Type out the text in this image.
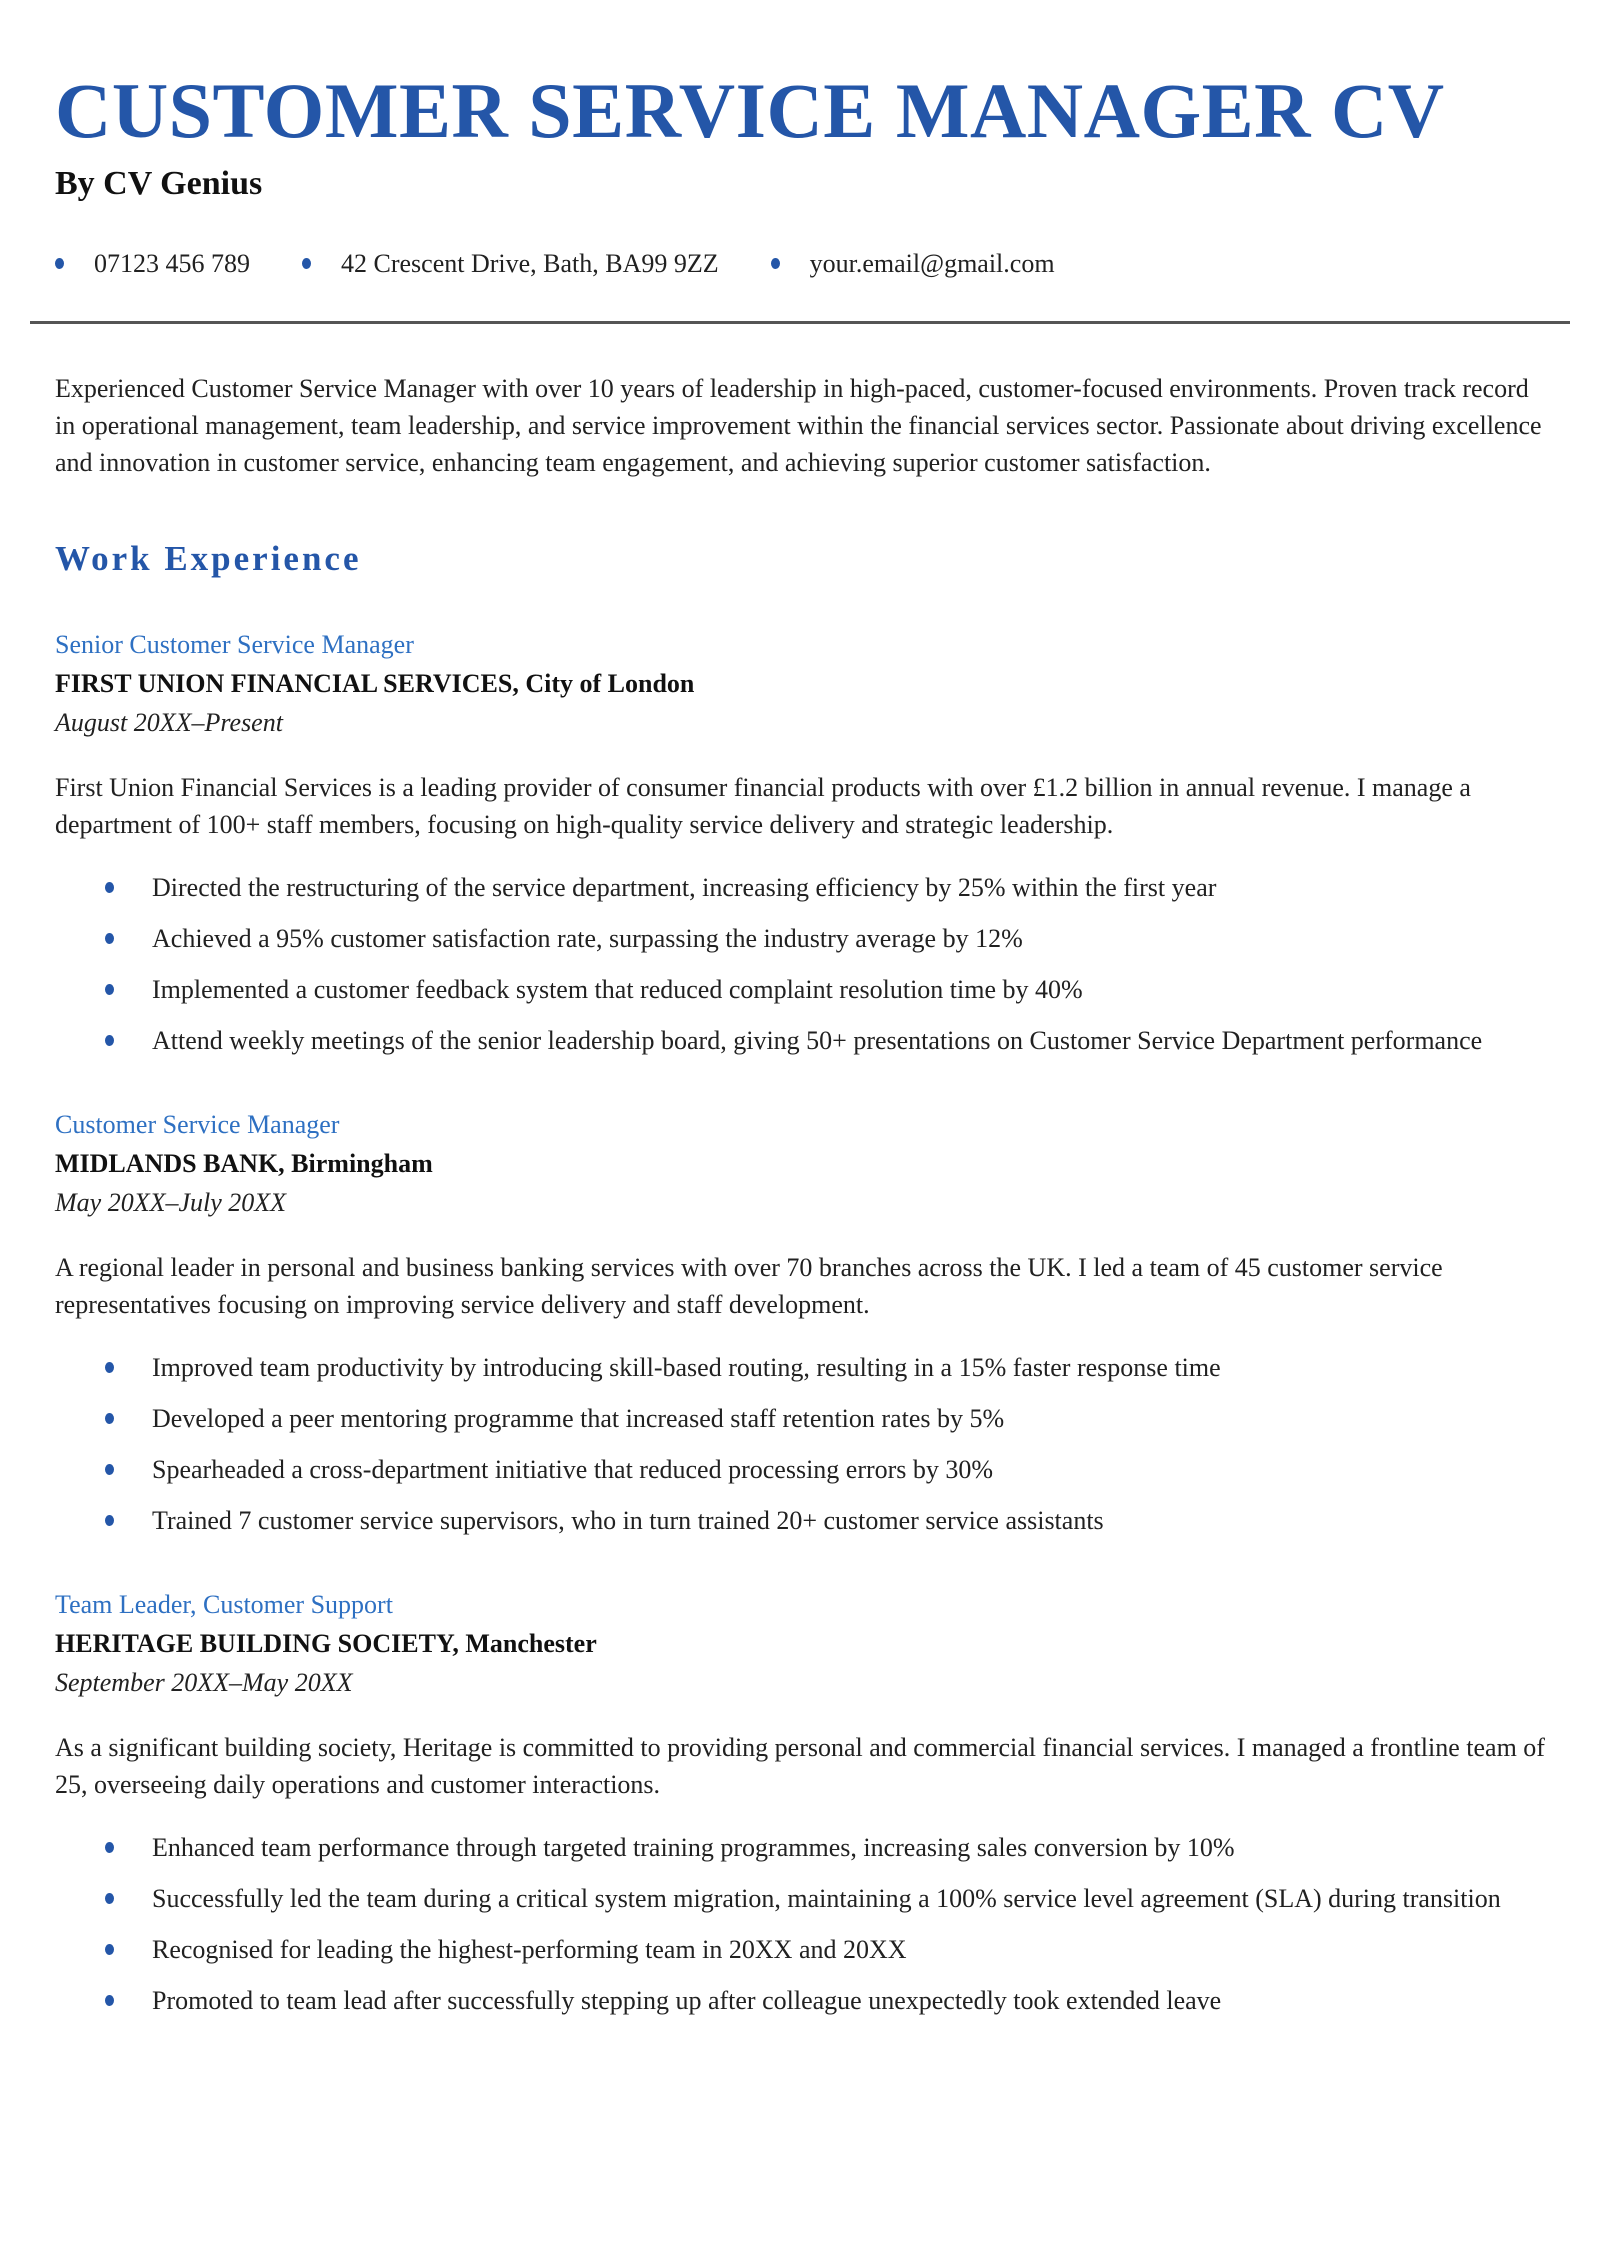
CUSTOMER SERVICE MANAGER CV
By CV Genius
07123 456 789	42 Crescent Drive, Bath, BA99 9ZZ	your.email@gmail.com

Experienced Customer Service Manager with over 10 years of leadership in high-paced, customer-focused environments. Proven track record in operational management, team leadership, and service improvement within the financial services sector. Passionate about driving excellence and innovation in customer service, enhancing team engagement, and achieving superior customer satisfaction.

Work Experience
Senior Customer Service Manager
FIRST UNION FINANCIAL SERVICES, City of London
August 20XX–Present

First Union Financial Services is a leading provider of consumer financial products with over £1.2 billion in annual revenue. I manage a department of 100+ staff members, focusing on high-quality service delivery and strategic leadership.

Directed the restructuring of the service department, increasing efficiency by 25% within the first year
Achieved a 95% customer satisfaction rate, surpassing the industry average by 12%
Implemented a customer feedback system that reduced complaint resolution time by 40%
Attend weekly meetings of the senior leadership board, giving 50+ presentations on Customer Service Department performance
Customer Service Manager
MIDLANDS BANK, Birmingham
May 20XX–July 20XX

A regional leader in personal and business banking services with over 70 branches across the UK. I led a team of 45 customer service representatives focusing on improving service delivery and staff development.

Improved team productivity by introducing skill-based routing, resulting in a 15% faster response time
Developed a peer mentoring programme that increased staff retention rates by 5%
Spearheaded a cross-department initiative that reduced processing errors by 30%
Trained 7 customer service supervisors, who in turn trained 20+ customer service assistants
Team Leader, Customer Support
HERITAGE BUILDING SOCIETY, Manchester
September 20XX–May 20XX

As a significant building society, Heritage is committed to providing personal and commercial financial services. I managed a frontline team of 25, overseeing daily operations and customer interactions.

Enhanced team performance through targeted training programmes, increasing sales conversion by 10%
Successfully led the team during a critical system migration, maintaining a 100% service level agreement (SLA) during transition
Recognised for leading the highest-performing team in 20XX and 20XX
Promoted to team lead after successfully stepping up after colleague unexpectedly took extended leave
